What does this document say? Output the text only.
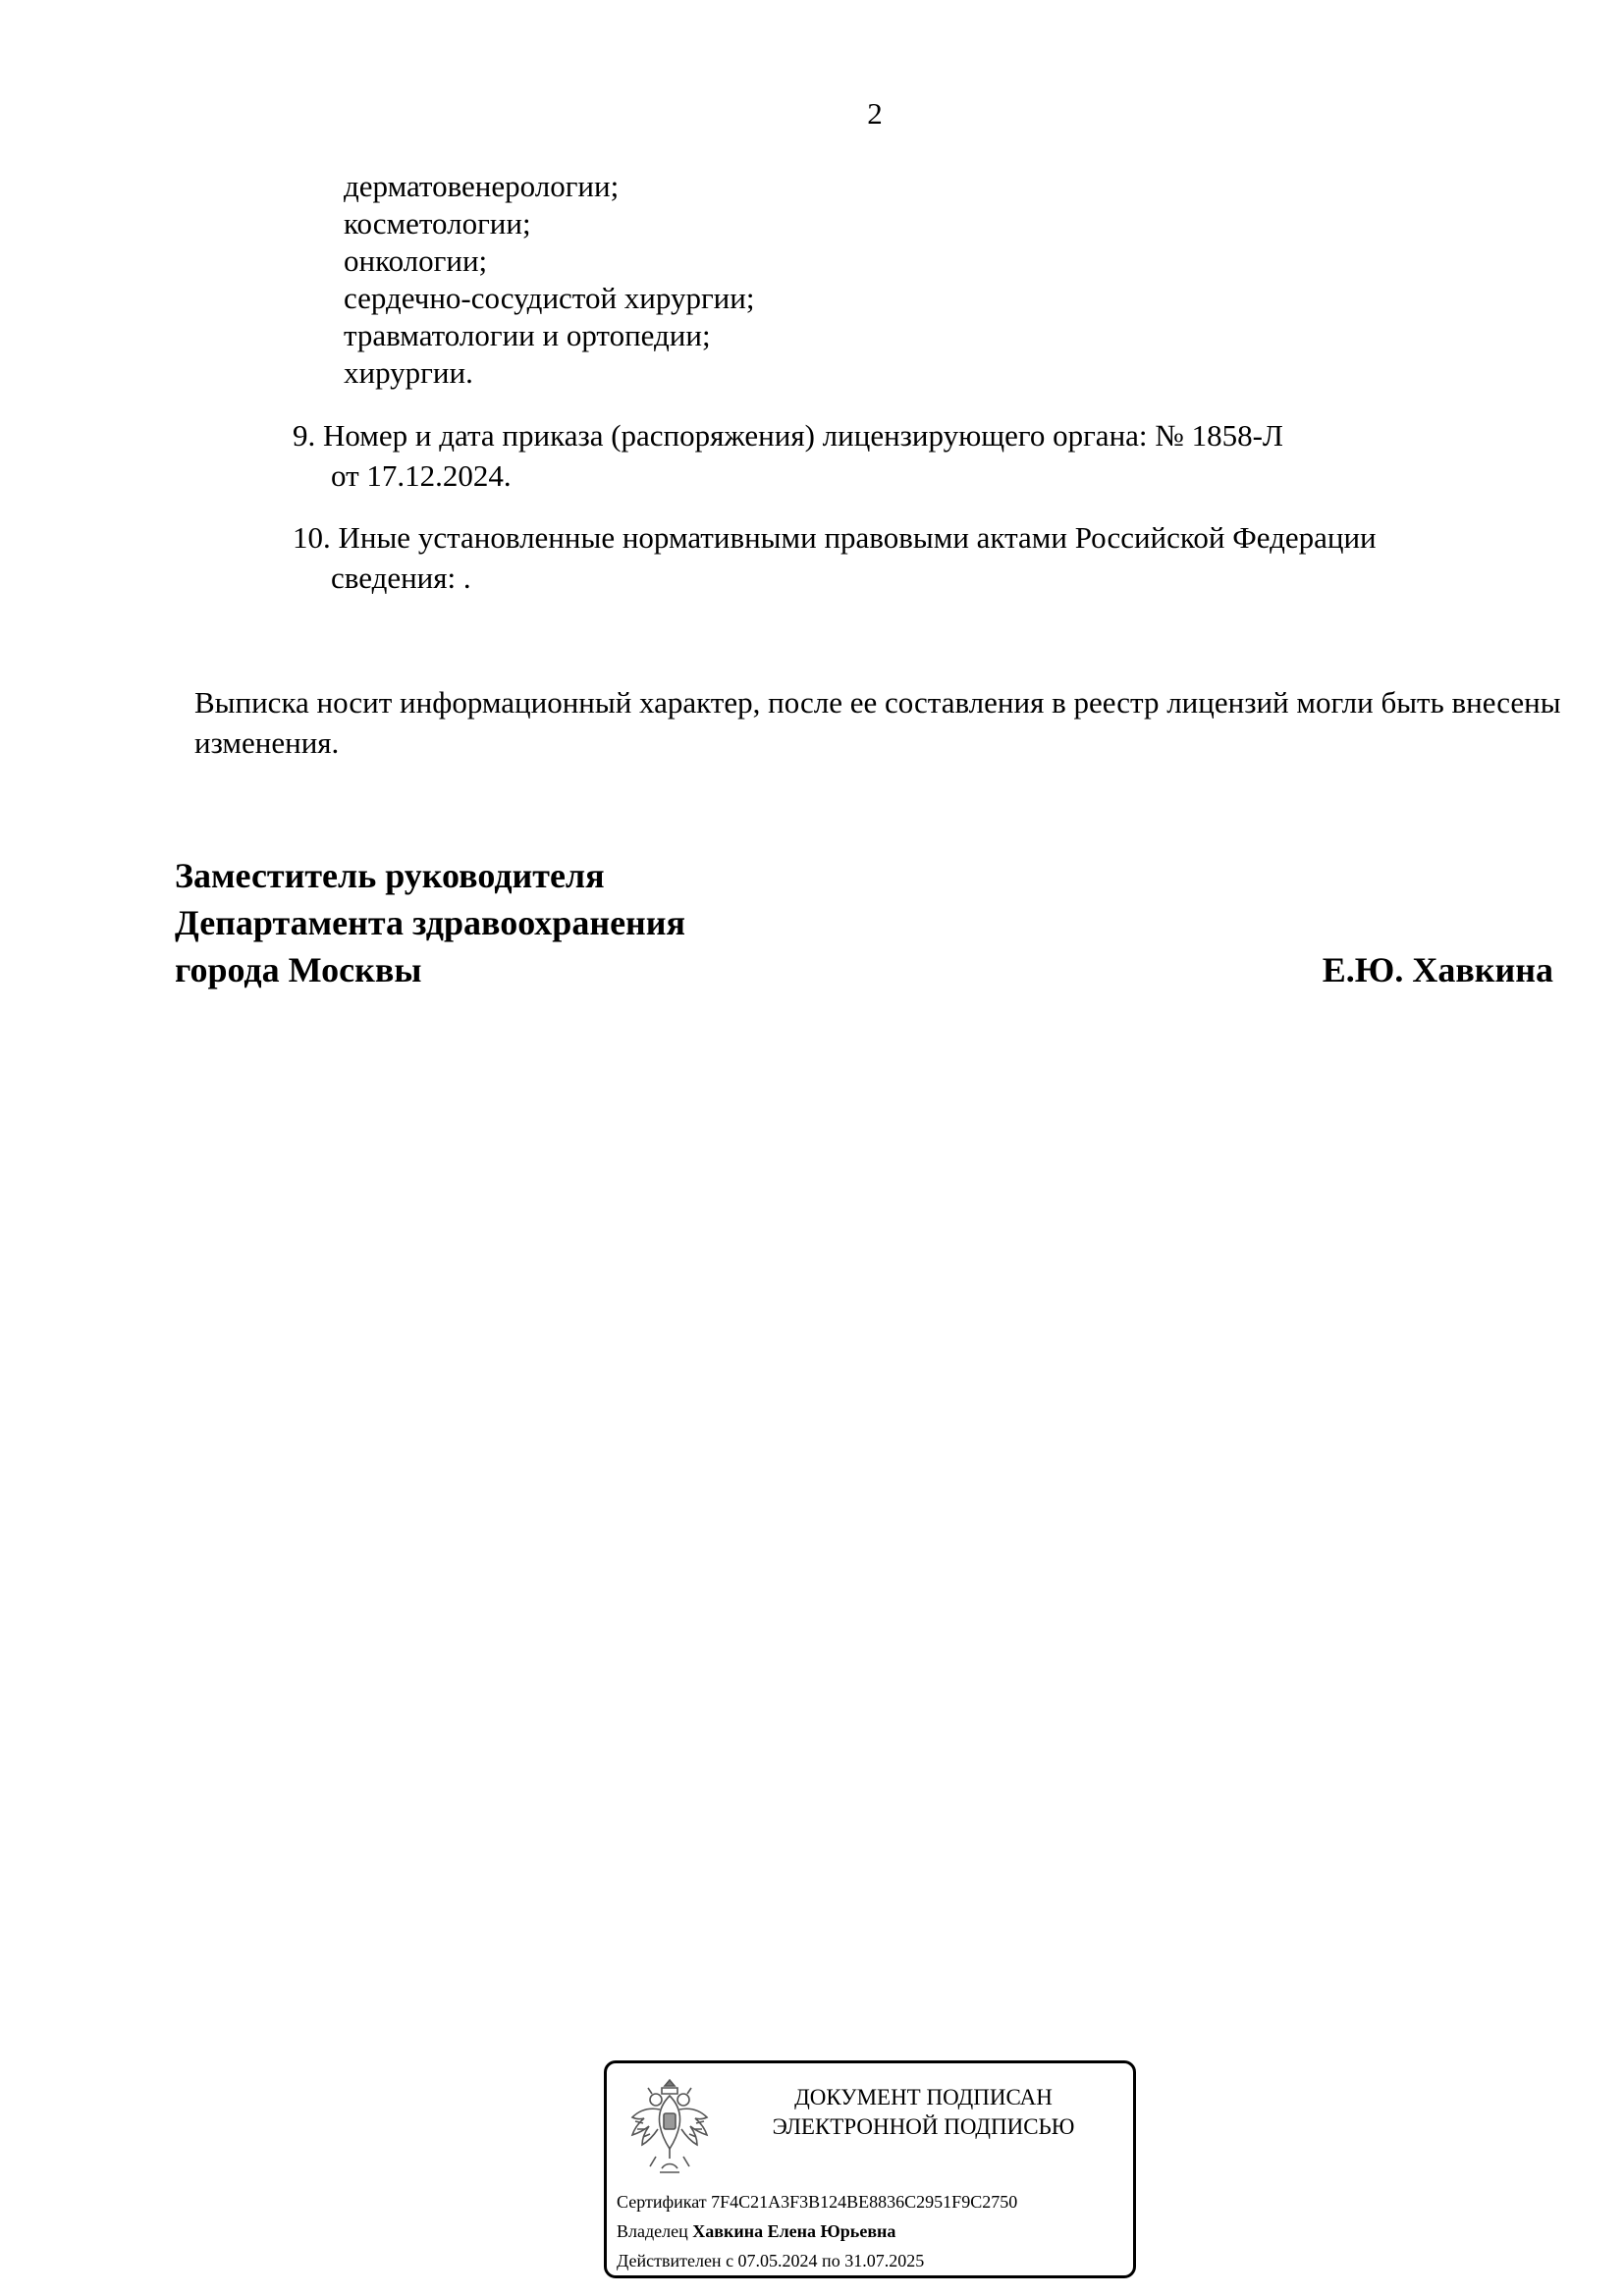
2
дерматовенерологии;
косметологии;
онкологии;
сердечно-сосудистой хирургии;
травматологии и ортопедии;
хирургии.
9. Номер и дата приказа (распоряжения) лицензирующего органа: № 1858-Л
от 17.12.2024.
10. Иные установленные нормативными правовыми актами Российской Федерации
сведения: .
Выписка носит информационный характер, после ее составления в реестр лицензий могли быть внесены изменения.
Заместитель руководителя
Департамента здравоохранения
города Москвы	Е.Ю. Хавкина
ДОКУМЕНТ ПОДПИСАН
ЭЛЕКТРОННОЙ ПОДПИСЬЮ
Сертификат 7F4C21A3F3B124BE8836C2951F9C2750
Владелец Хавкина Елена Юрьевна
Действителен с 07.05.2024 по 31.07.2025
